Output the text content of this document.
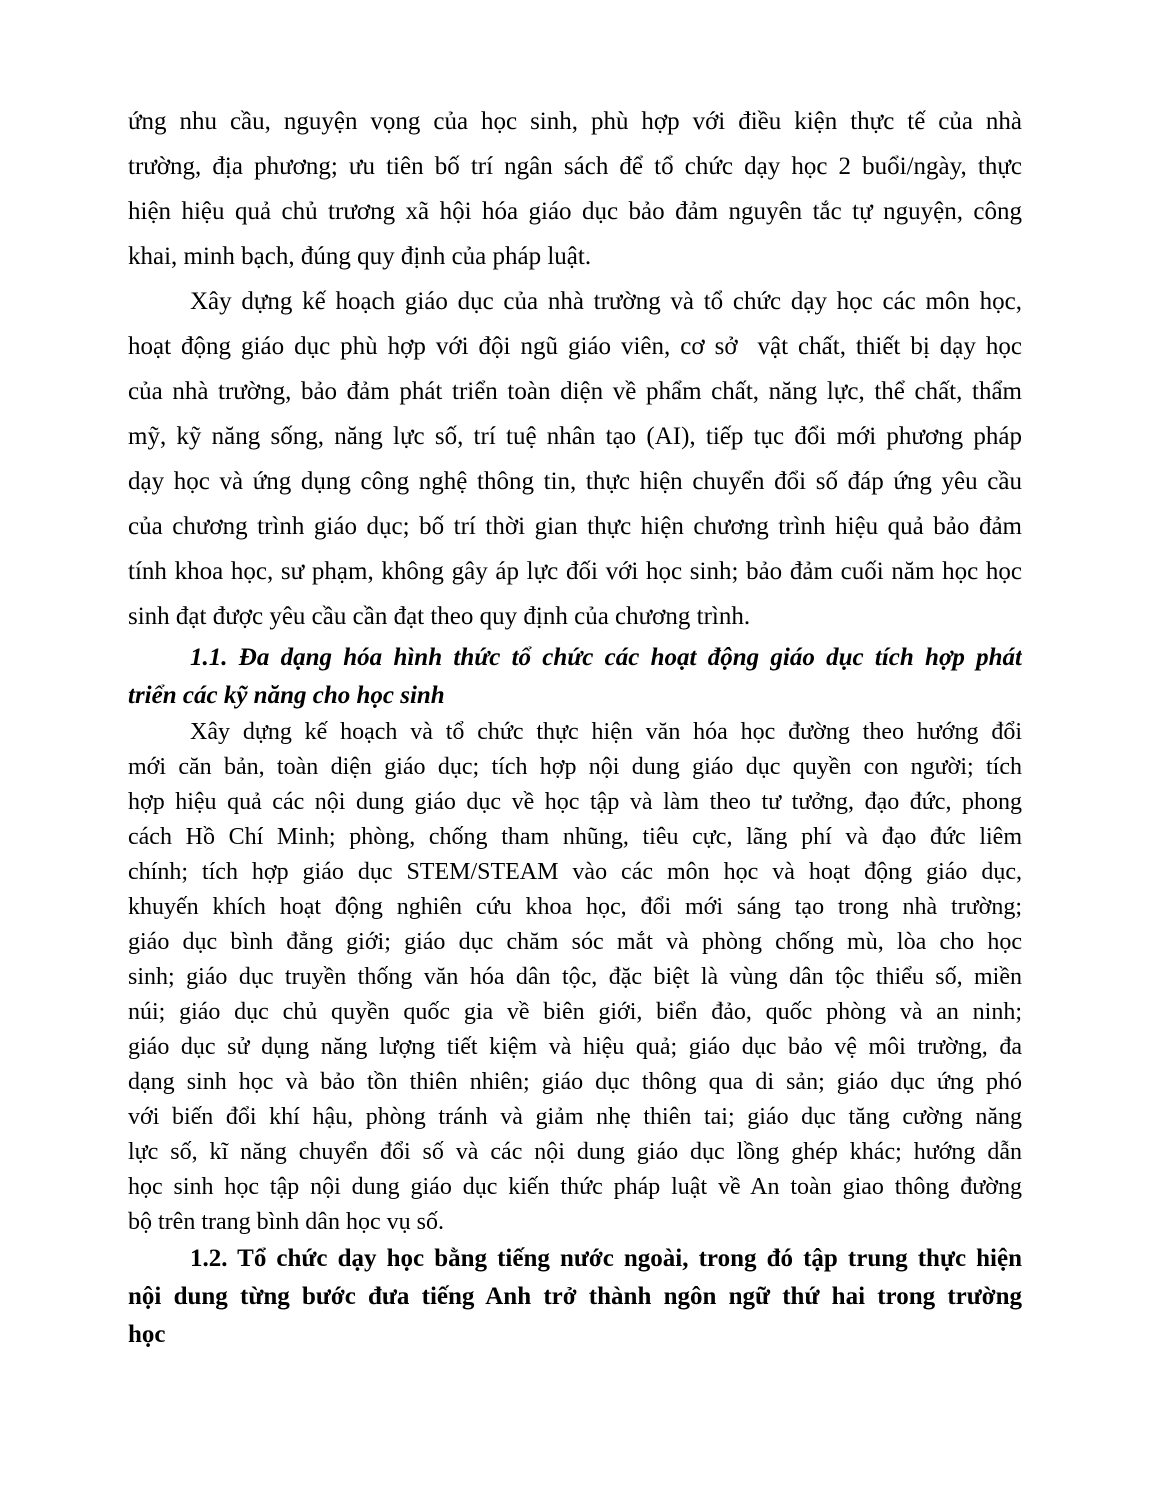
ứng nhu cầu, nguyện vọng của học sinh, phù hợp với điều kiện thực tế của nhà
trường, địa phương; ưu tiên bố trí ngân sách để tổ chức dạy học 2 buổi/ngày, thực
hiện hiệu quả chủ trương xã hội hóa giáo dục bảo đảm nguyên tắc tự nguyện, công
khai, minh bạch, đúng quy định của pháp luật.
Xây dựng kế hoạch giáo dục của nhà trường và tổ chức dạy học các môn học,
hoạt động giáo dục phù hợp với đội ngũ giáo viên, cơ sở  vật chất, thiết bị dạy học
của nhà trường, bảo đảm phát triển toàn diện về phẩm chất, năng lực, thể chất, thẩm
mỹ, kỹ năng sống, năng lực số, trí tuệ nhân tạo (AI), tiếp tục đổi mới phương pháp
dạy học và ứng dụng công nghệ thông tin, thực hiện chuyển đổi số đáp ứng yêu cầu
của chương trình giáo dục; bố trí thời gian thực hiện chương trình hiệu quả bảo đảm
tính khoa học, sư phạm, không gây áp lực đối với học sinh; bảo đảm cuối năm học học
sinh đạt được yêu cầu cần đạt theo quy định của chương trình.
1.1. Đa dạng hóa hình thức tổ chức các hoạt động giáo dục tích hợp phát
triển các kỹ năng cho học sinh
Xây dựng kế hoạch và tổ chức thực hiện văn hóa học đường theo hướng đổi
mới căn bản, toàn diện giáo dục; tích hợp nội dung giáo dục quyền con người; tích
hợp hiệu quả các nội dung giáo dục về học tập và làm theo tư tưởng, đạo đức, phong
cách Hồ Chí Minh; phòng, chống tham nhũng, tiêu cực, lãng phí và đạo đức liêm
chính; tích hợp giáo dục STEM/STEAM vào các môn học và hoạt động giáo dục,
khuyến khích hoạt động nghiên cứu khoa học, đổi mới sáng tạo trong nhà trường;
giáo dục bình đẳng giới; giáo dục chăm sóc mắt và phòng chống mù, lòa cho học
sinh; giáo dục truyền thống văn hóa dân tộc, đặc biệt là vùng dân tộc thiểu số, miền
núi; giáo dục chủ quyền quốc gia về biên giới, biển đảo, quốc phòng và an ninh;
giáo dục sử dụng năng lượng tiết kiệm và hiệu quả; giáo dục bảo vệ môi trường, đa
dạng sinh học và bảo tồn thiên nhiên; giáo dục thông qua di sản; giáo dục ứng phó
với biến đổi khí hậu, phòng tránh và giảm nhẹ thiên tai; giáo dục tăng cường năng
lực số, kĩ năng chuyển đổi số và các nội dung giáo dục lồng ghép khác; hướng dẫn
học sinh học tập nội dung giáo dục kiến thức pháp luật về An toàn giao thông đường
bộ trên trang bình dân học vụ số.
1.2. Tổ chức dạy học bằng tiếng nước ngoài, trong đó tập trung thực hiện
nội dung từng bước đưa tiếng Anh trở thành ngôn ngữ thứ hai trong trường
học
